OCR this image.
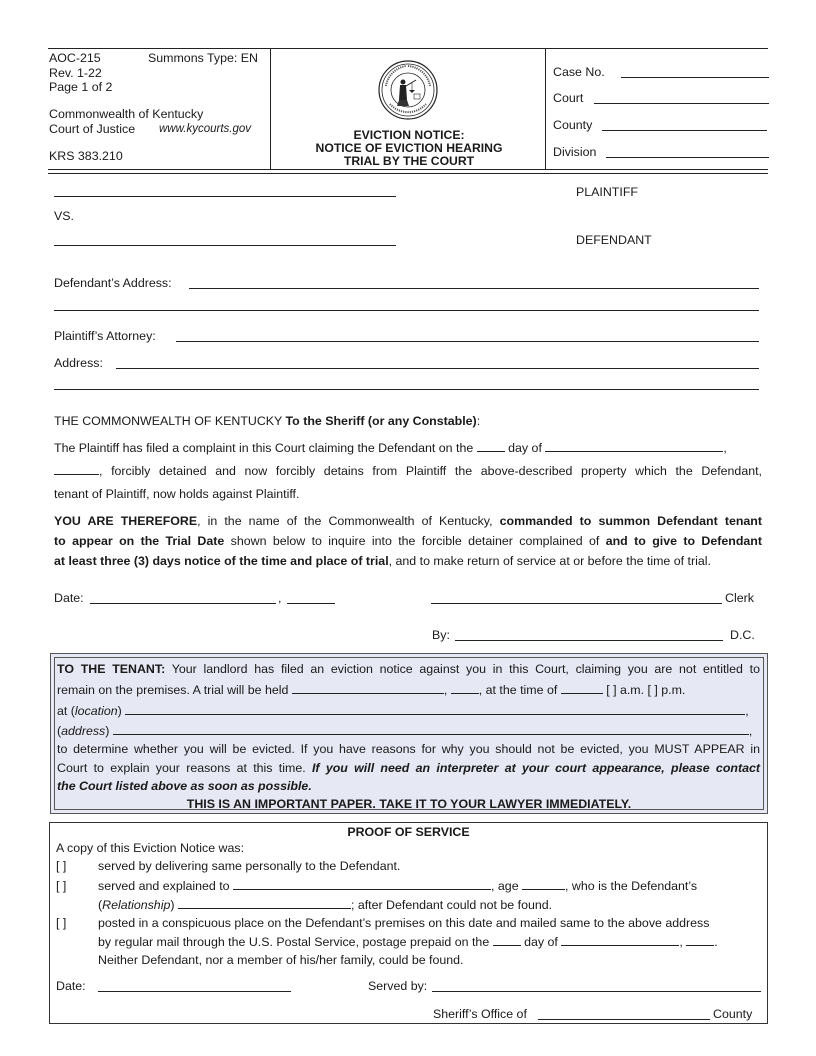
AOC-215	Summons Type: EN
Rev. 1-22
Page 1 of 2
Commonwealth of Kentucky
Court of Justice www.kycourts.gov
KRS 383.210
EVICTION NOTICE:
NOTICE OF EVICTION HEARING
TRIAL BY THE COURT
Case No.
Court
County
Division
PLAINTIFF
VS.
DEFENDANT
Defendant’s Address:
Plaintiff’s Attorney:
Address:
THE COMMONWEALTH OF KENTUCKY To the Sheriff (or any Constable):
The Plaintiff has filed a complaint in this Court claiming the Defendant on the	day of	,
, forcibly detained and now forcibly detains from Plaintiff the above-described property which the Defendant,
tenant of Plaintiff, now holds against Plaintiff.
YOU ARE THEREFORE, in the name of the Commonwealth of Kentucky, commanded to summon Defendant tenant
to appear on the Trial Date shown below to inquire into the forcible detainer complained of and to give to Defendant
at least three (3) days notice of the time and place of trial, and to make return of service at or before the time of trial.
Date:	,	Clerk
By:	D.C.
TO THE TENANT: Your landlord has filed an eviction notice against you in this Court, claiming you are not entitled to
remain on the premises. A trial will be held	,	, at the time of	[ ] a.m. [ ] p.m.
at (location)	,
(address)	,
to determine whether you will be evicted. If you have reasons for why you should not be evicted, you MUST APPEAR in
Court to explain your reasons at this time. If you will need an interpreter at your court appearance, please contact
the Court listed above as soon as possible.
THIS IS AN IMPORTANT PAPER. TAKE IT TO YOUR LAWYER IMMEDIATELY.
PROOF OF SERVICE
A copy of this Eviction Notice was:
[ ]	served by delivering same personally to the Defendant.
[ ]	served and explained to	, age	, who is the Defendant’s
(Relationship)	; after Defendant could not be found.
[ ]	posted in a conspicuous place on the Defendant’s premises on this date and mailed same to the above address
by regular mail through the U.S. Postal Service, postage prepaid on the	day of	,	.
Neither Defendant, nor a member of his/her family, could be found.
Date:	Served by:
Sheriff’s Office of	County
